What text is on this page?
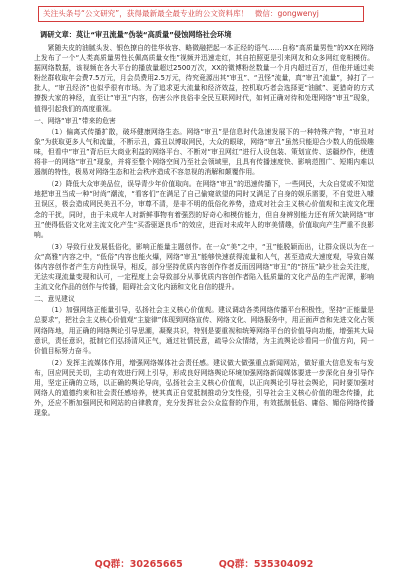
关注头条号“公文研究”，获得最新最全最专业的公文资料库！ 微信：gongwenyj
调研文章：莫让“审丑流量”伪装“高质量”侵蚀网络社会环境

紧随夫皮的油腻头发、银色撩自的佳华妆容、略微融把起一本正经的语气……自称“高质量男性”的XX在网络上发布了一个“人类高质量男性长佩高质量女性”视频并迅速走红，其自拍照更是引来网友和众多网红竞相模仿。据网络数据，该视频在各大平台的播放量超过2500万次，XX的微博粉丝数量一个月内超过百万，但他并通过卖粉丝群收取年会费7.5万元，月会员费用2.5万元，待究竟源出其“审丑”、“丑怪”流量，真“审丑”流量”，掉打了一批人，“审丑经济”也似乎很有市场。为了追求更大流量和经济效益，控机取巧者会选择更“油腻”、更猎奇的方式撩拨大家的神经，直至让“审丑”内容，伤害公序良俗非全民互联网时代，如何正确对待和处理网络“审丑”现象，值得引起我们的高度重视。

一、网络“审丑”带来的危害

（1）偏离式传播扩散，破坏健康网络生态。网络“审丑”是信息时代急速发展下的一种特殊产物，“审丑对象”为获取更多人气和流量，不断示丑，露丑以博取网民，大众的眼球，网络“审丑”虽然只能迎合少数人的低级趣味，但看中“审丑”背后巨大商业利益的网络平台、不断对“审丑网红”进行人设包装、策划宣传、送疆炒作，使透将非一的网络“审丑”现象，并将至整个网络空间乃至社会领域里，且具有传播速度快、影响范围广、短期内难以遏制的特性，极易对网络生态和社会秩序造成不容忽视的消解和颠覆作用。

（2）降低大众审美品位，误导青少年价值取向。在网络“审丑”的迅速传播下，一些网民，大众自觉或不知觉地把审丑当成一种“时尚”潮流，“看客们”在满足了自己偷窥欲望的同时又满足了自身的娱乐需要，不自觉进入噱丑误区，极会造成网民美丑不分，审尊不清，是非不明的低俗化养势，造成对社会主义核心价值观和主流文化理念的干扰，同时，由于未成年人对新鲜事物有着强烈的好奇心和模仿能力，但自身辨别能力还有所欠缺网络“审丑”使得低俗文化对主流文化产生“买香驱逐良币”的效应，进而对未成年人的审美情趣，价值取向产生严重不良影响。

（3）导致行业发展低俗化，影响正能量主题创作。在一众“美”之中，“丑”能脱颖而出，让群众误以为在一众“高雅”内容之中，“低俗”内容也能火爆，网络“审丑”能够快速获得流量和人气，甚至造成大速度观，导致自媒体内容创作者产生方向性误导，相反，部分坚持优质内容创作作者反而因网络“审丑”的“挤压”缺少社会关注度，无法实现流量变现和认可，一定程度上会导致部分从事优质内容创作者陷入低质量的文化产品的生产泥潭，影响主流文化作品的创作与传播，阻碍社会文化内涵和文化自信的提升。

二、意见建议

（1）加强网络正能量引导，弘扬社会主义核心价值观。建议调动各类网络传播平台积极性，坚持“正能量是总要求”，把社会主义核心价值观“主旋律”体现到网络宣传、网络文化、网络服务中，用正面声音和先进文化占领网络阵地，用正确的网络舆论引导思潮，凝聚共识，特别是要重视和统筹网络平台的价值导向功能，增强其大局意识，责任意识，抵制它们弘扬清风正气，通过社情民意，疏导公众情绪，为主流舆论诊看同一价值方向，同一价值目标努力奋斗。

（2）发挥主流媒体作用，增强网络媒体社会责任感。建议做大做强重点新闻网站，做好重大信息发布与发布，回应网民关切，主动有效进行网上引导，形成良好网络舆论环境加强网络新闻媒体要进一步深化自身引导作用，坚定正确的立场，以正确的舆论导向，弘扬社会主义核心价值观，以正向舆论引导社会舆论，同时要加强对网络人的道德约束和社会责任感培养，使其真正自觉抵制推动分支性侵，引导社会主义核心价值的理念传播，此外，还应不断加强网民和网站的自律教育，充分发挥社会公众监督的作用，有效抵制低俗、庸俗、媚俗网络传播现象。

QQ群：30265665	QQ群：535304092
